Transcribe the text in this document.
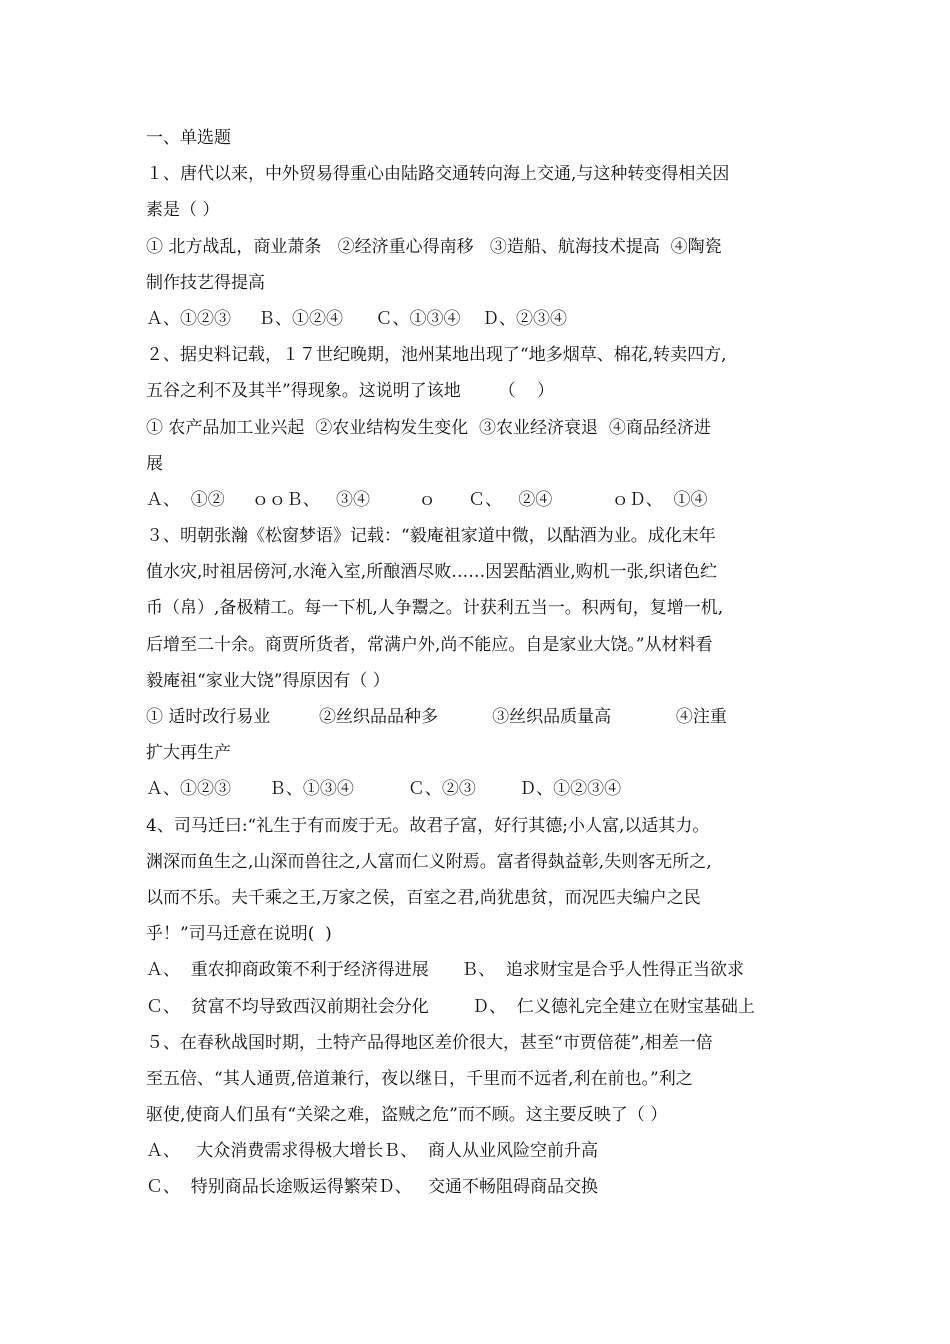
一、单选题
１、唐代以来，中外贸易得重心由陆路交通转向海上交通,与这种转变得相关因
素是（ ）
① 北方战乱，商业萧条   ②经济重心得南移   ③造船、航海技术提高  ④陶瓷
制作技艺得提高
Ａ、①②③     Ｂ、①②④      Ｃ、①③④    Ｄ、②③④
２、据史料记载，１７世纪晚期，池州某地出现了“地多烟草、棉花,转卖四方,
五谷之利不及其半”得现象。这说明了该地       （    ）
① 农产品加工业兴起  ②农业结构发生变化  ③农业经济衰退  ④商品经济进
展
Ａ、  ①②     ｏｏＢ、   ③④         ｏ      Ｃ、   ②④           ｏＤ、  ①④
３、明朝张瀚《松窗梦语》记载：“毅庵祖家道中微，以酤酒为业。成化末年
值水灾,时祖居傍河,水淹入室,所酿酒尽败……因罢酤酒业,购机一张,织诸色纻
币（帛）,备极精工。每一下机,人争鬻之。计获利五当一。积两旬，复增一机,
后增至二十余。商贾所货者，常满户外,尚不能应。自是家业大饶。”从材料看
毅庵祖“家业大饶”得原因有（ ）
① 适时改行易业         ②丝织品品种多          ③丝织品质量高            ④注重
扩大再生产
Ａ、①②③       Ｂ、①③④          Ｃ、②③        Ｄ、①②③④
4、司马迁曰:“礼生于有而废于无。故君子富，好行其德;小人富,以适其力。
渊深而鱼生之,山深而兽往之,人富而仁义附焉。富者得埶益彰,失则客无所之,
以而不乐。夫千乘之王,万家之侯，百室之君,尚犹患贫，而况匹夫编户之民
乎！”司马迁意在说明(  )
Ａ、  重农抑商政策不利于经济得进展      Ｂ、  追求财宝是合乎人性得正当欲求
Ｃ、  贫富不均导致西汉前期社会分化        Ｄ、  仁义德礼完全建立在财宝基础上
５、在春秋战国时期，土特产品得地区差价很大，甚至“市贾倍蓰”,相差一倍
至五倍、“其人通贾,倍道兼行，夜以继日，千里而不远者,利在前也。”利之
驱使,使商人们虽有“关梁之难，盗贼之危”而不顾。这主要反映了（ ）
Ａ、   大众消费需求得极大增长Ｂ、  商人从业风险空前升高
Ｃ、  特别商品长途贩运得繁荣Ｄ、   交通不畅阻碍商品交换
